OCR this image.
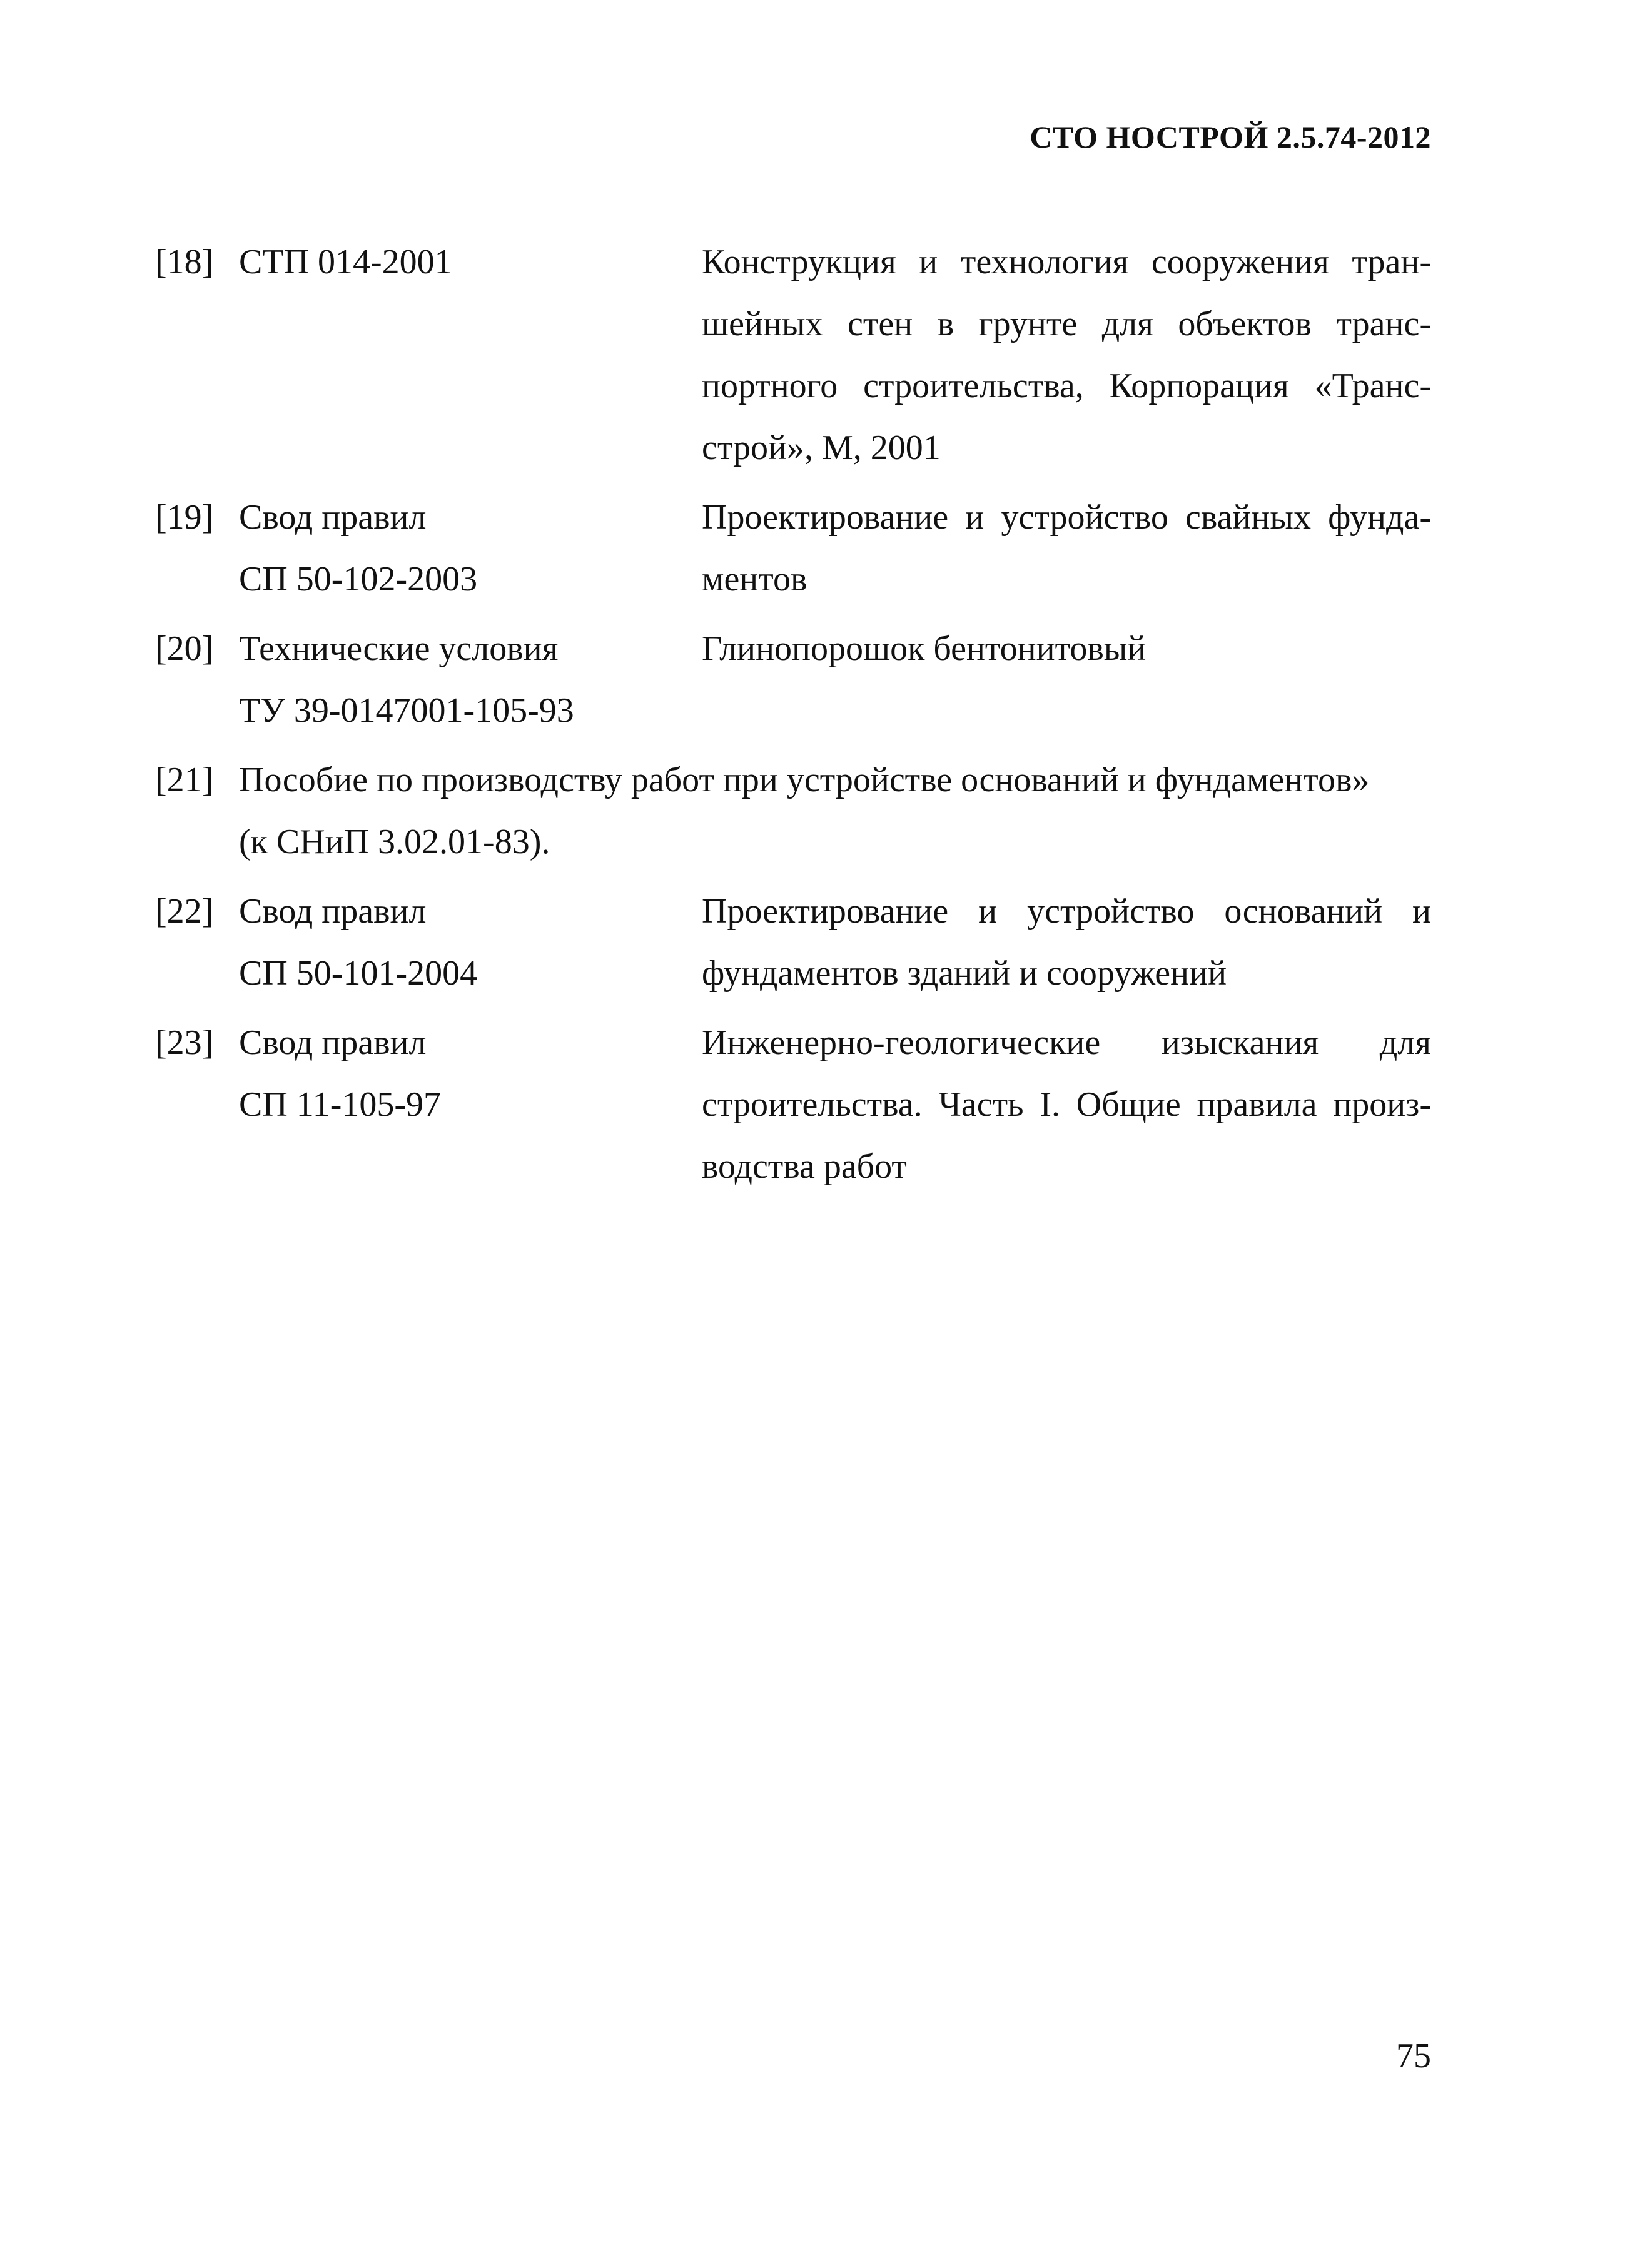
СТО НОСТРОЙ 2.5.74-2012
[18] СТП 014-2001	Конструкция и технология сооружения траншейных стен в грунте для объектов транспортного строительства, Корпорация «Трансстрой», М, 2001
[19] Свод правил
СП 50-102-2003
Проектирование и устройство свайных фундаментов
[20] Технические условия
ТУ 39-0147001-105-93
Глинопорошок бентонитовый
[21] Пособие по производству работ при устройстве оснований и фундаментов»
(к СНиП 3.02.01-83).
[22] Свод правил
СП 50-101-2004
Проектирование и устройство оснований и фундаментов зданий и сооружений
[23] Свод правил
СП 11-105-97
Инженерно-геологические изыскания для строительства. Часть I. Общие правила производства работ
75
